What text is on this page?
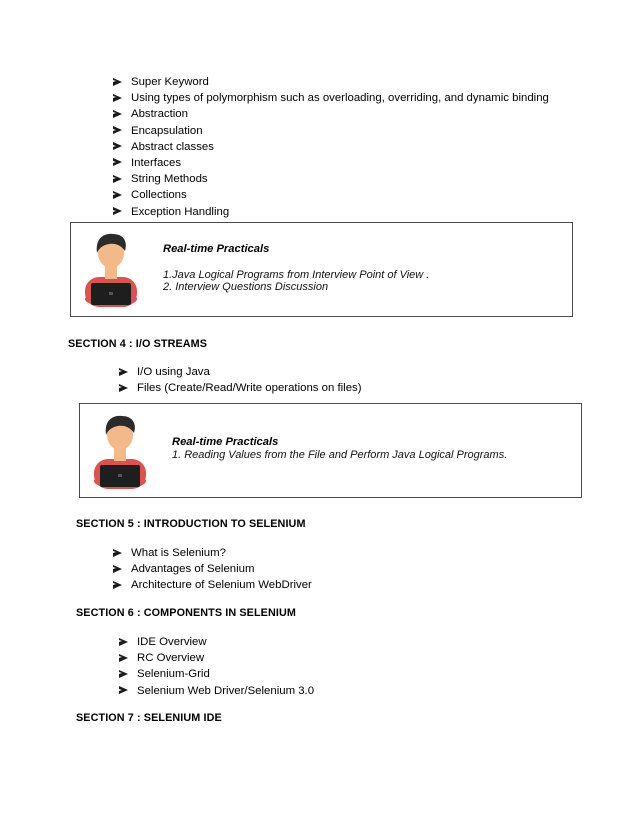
Super Keyword
Using types of polymorphism such as overloading, overriding, and dynamic binding
Abstraction
Encapsulation
Abstract classes
Interfaces
String Methods
Collections
Exception Handling
Real-time Practicals
1.Java Logical Programs from Interview Point of View .
2. Interview Questions Discussion
SECTION 4 : I/O STREAMS
I/O using Java
Files (Create/Read/Write operations on files)
Real-time Practicals
1. Reading Values from the File and Perform Java Logical Programs.
SECTION 5 : INTRODUCTION TO SELENIUM
What is Selenium?
Advantages of Selenium
Architecture of Selenium WebDriver
SECTION 6 : COMPONENTS IN SELENIUM
IDE Overview
RC Overview
Selenium-Grid
Selenium Web Driver/Selenium 3.0
SECTION 7 : SELENIUM IDE
